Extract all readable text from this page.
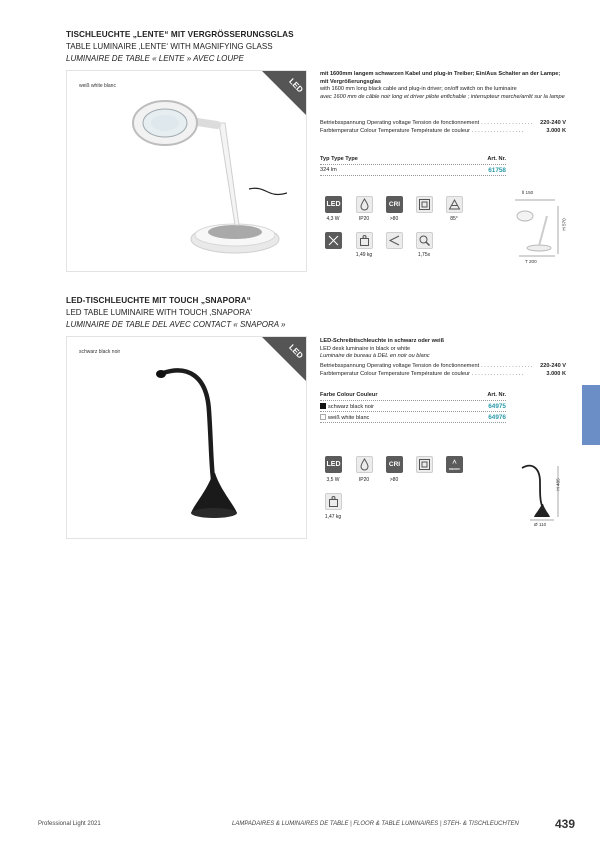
TISCHLEUCHTE „LENTE“ MIT VERGRÖSSERUNGSGLAS
TABLE LUMINAIRE ‚LENTE‘ WITH MAGNIFYING GLASS
LUMINAIRE DE TABLE « LENTE » AVEC LOUPE
weiß white blanc	LED
mit 1600mm langem schwarzen Kabel und plug-in Treiber; Ein/Aus Schalter an der Lampe; mit Vergrößerungsglas
with 1600 mm long black cable and plug-in driver; on/off switch on the luminaire
avec 1600 mm de câble noir long et driver pilote enfichable ; interrupteur marche/arrêt sur la lampe
Betriebsspannung Operating voltage Tension de fonctionnement . . . . . . . . . . . . . . . . .	220-240 V
Farbtemperatur Colour Temperature Température de couleur . . . . . . . . . . . . . . . . .	3.000 K
Typ Type Type	Art. Nr.
324 lm	61758
LED	CRI
4,3 W	IP20	>80	85°
1,49 kg	1,75x
Ⅱ 150
H 570
T 200
LED-TISCHLEUCHTE MIT TOUCH „SNAPORA“
LED TABLE LUMINAIRE WITH TOUCH ‚SNAPORA‘
LUMINAIRE DE TABLE DEL AVEC CONTACT « SNAPORA »
schwarz black noir	LED
LED-Schreibtischleuchte in schwarz oder weiß
LED desk luminaire in black or white
Luminaire de bureau à DEL en noir ou blanc
Betriebsspannung Operating voltage Tension de fonctionnement . . . . . . . . . . . . . . . . .	220-240 V
Farbtemperatur Colour Temperature Température de couleur . . . . . . . . . . . . . . . . .	3.000 K
Farbe Colour Couleur	Art. Nr.
schwarz black noir	64975
weiß white blanc	64976
LED	CRI
ON/OFF
3,5 W	IP20	>80
1,47 kg
H 485
Ø 110
Professional Light 2021	LAMPADAIRES & LUMINAIRES DE TABLE | FLOOR & TABLE LUMINAIRES | STEH- & TISCHLEUCHTEN	439
